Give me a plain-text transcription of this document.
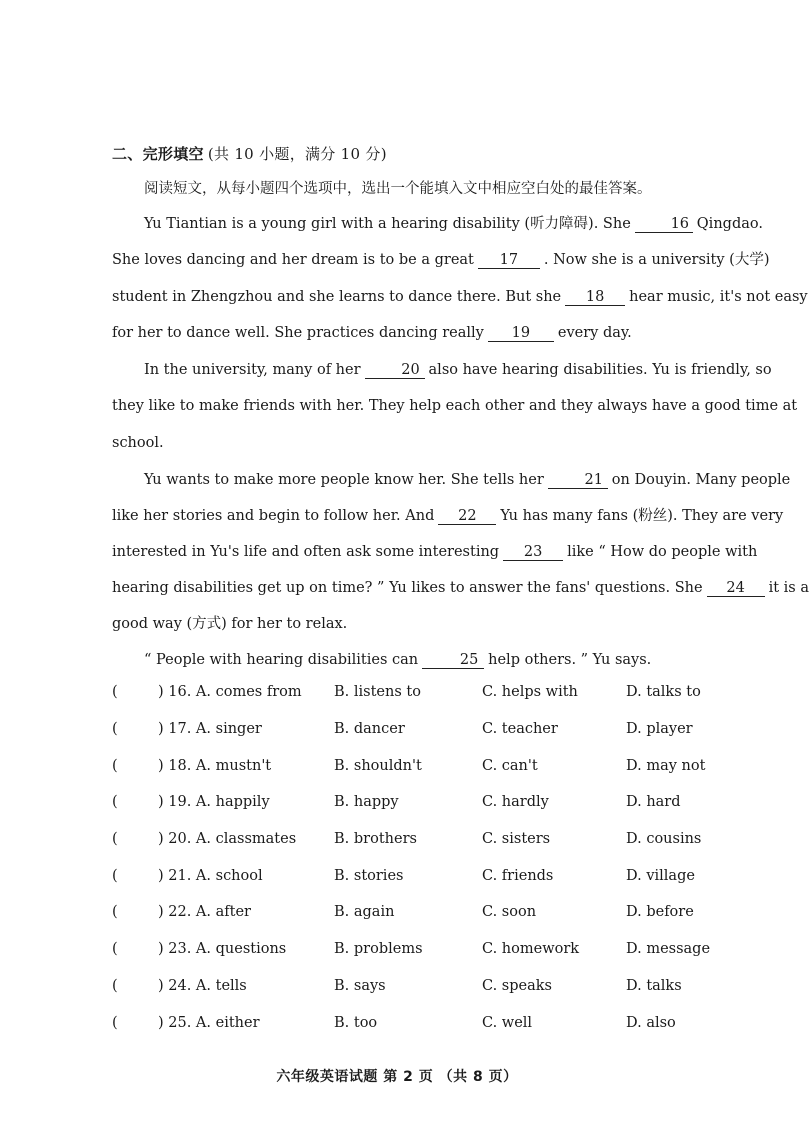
二、完形填空 (共 10 小题，满分 10 分)
阅读短文，从每小题四个选项中，选出一个能填入文中相应空白处的最佳答案。
Yu Tiantian is a young girl with a hearing disability (听力障碍). She	16 Qingdao.
She loves dancing and her dream is to be a great 17 . Now she is a university (大学)
student in Zhengzhou and she learns to dance there. But she 18 hear music, it's not easy
for her to dance well. She practices dancing really 19 every day.
In the university, many of her	20 also have hearing disabilities. Yu is friendly, so
they like to make friends with her. They help each other and they always have a good time at
school.
Yu wants to make more people know her. She tells her	21 on Douyin. Many people
like her stories and begin to follow her. And 22 Yu has many fans (粉丝). They are very
interested in Yu's life and often ask some interesting 23 like “ How do people with
hearing disabilities get up on time? ” Yu likes to answer the fans' questions. She 24 it is a
good way (方式) for her to relax.
“ People with hearing disabilities can	25 help others. ” Yu says.
(	) 16. A. comes from B. listens to	C. helps with	D. talks to
(	) 17. A. singer	B. dancer	C. teacher	D. player
(	) 18. A. mustn't	B. shouldn't	C. can't	D. may not
(	) 19. A. happily	B. happy	C. hardly	D. hard
(	) 20. A. classmates	B. brothers	C. sisters	D. cousins
(	) 21. A. school	B. stories	C. friends	D. village
(	) 22. A. after	B. again	C. soon	D. before
(	) 23. A. questions	B. problems	C. homework	D. message
(	) 24. A. tells	B. says	C. speaks	D. talks
(	) 25. A. either	B. too	C. well	D. also
六年级英语试题 第 2 页 （共 8 页）
